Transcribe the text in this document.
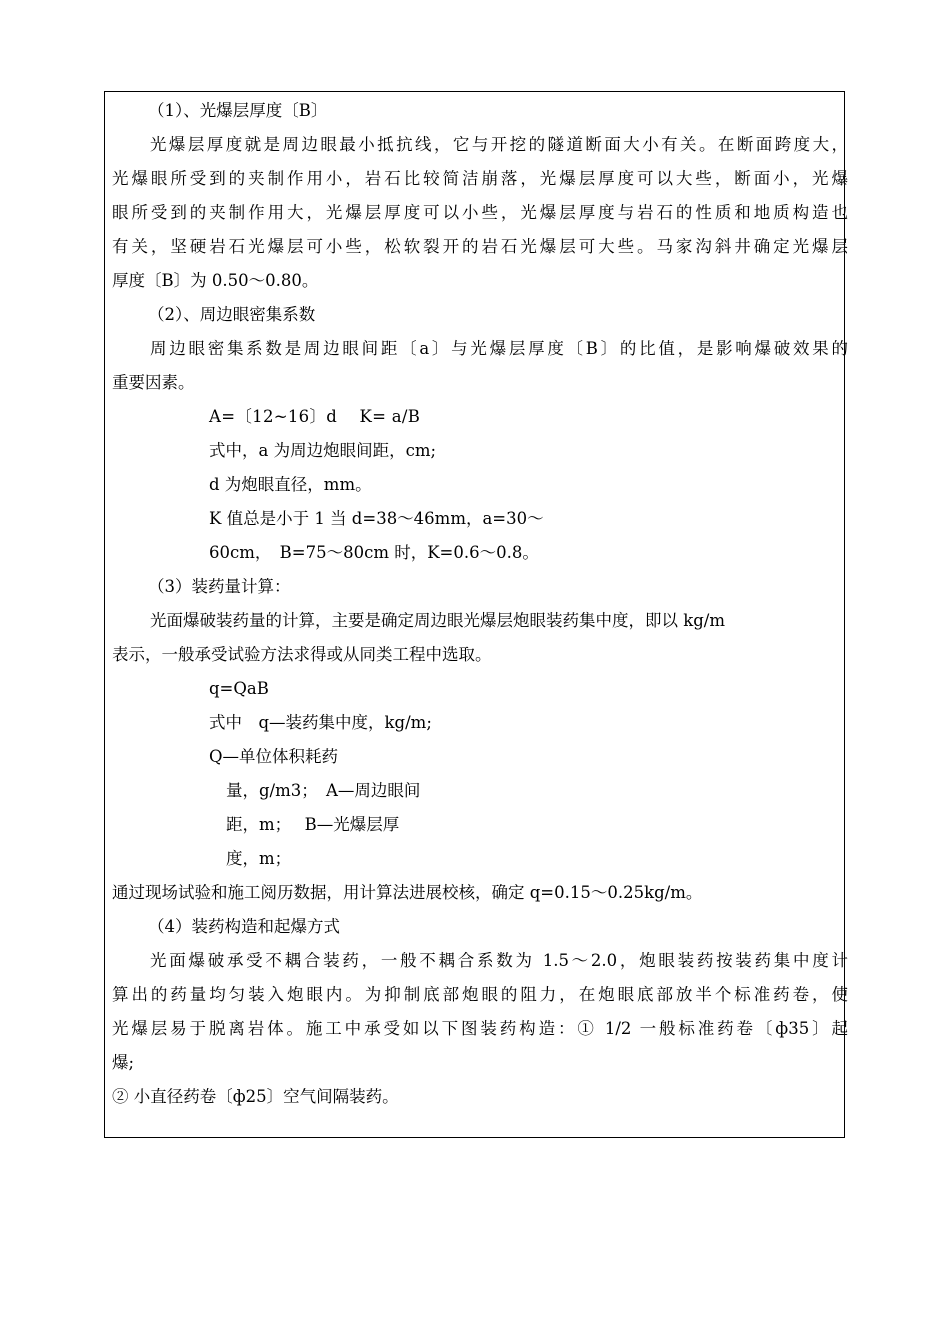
（1）、光爆层厚度〔B〕
光爆层厚度就是周边眼最小抵抗线，它与开挖的隧道断面大小有关。在断面跨度大，
光爆眼所受到的夹制作用小，岩石比较简洁崩落，光爆层厚度可以大些，断面小，光爆
眼所受到的夹制作用大，光爆层厚度可以小些，光爆层厚度与岩石的性质和地质构造也
有关，坚硬岩石光爆层可小些，松软裂开的岩石光爆层可大些。马家沟斜井确定光爆层
厚度〔B〕为 0.50～0.80。
（2）、周边眼密集系数
周边眼密集系数是周边眼间距〔a〕与光爆层厚度〔B〕的比值，是影响爆破效果的
重要因素。
A=〔12~16〕d　 K= a/B
式中，a 为周边炮眼间距，cm;
d 为炮眼直径，mm。
K 值总是小于 1 当 d=38～46mm，a=30～
60cm，　B=75～80cm 时，K=0.6～0.8。
（3）装药量计算：
光面爆破装药量的计算，主要是确定周边眼光爆层炮眼装药集中度，即以 kg/m
表示，一般承受试验方法求得或从同类工程中选取。
q=QaB
式中　q—装药集中度，kg/m;
Q—单位体积耗药
量，g/m3；　A—周边眼间
距，m；　 B—光爆层厚
度，m；
通过现场试验和施工阅历数据，用计算法进展校核，确定 q=0.15～0.25kg/m。
（4）装药构造和起爆方式
光面爆破承受不耦合装药，一般不耦合系数为 1.5～2.0，炮眼装药按装药集中度计
算出的药量均匀装入炮眼内。为抑制底部炮眼的阻力，在炮眼底部放半个标准药卷，使
光爆层易于脱离岩体。施工中承受如以下图装药构造：① 1/2 一般标准药卷〔ф35〕起
爆;
② 小直径药卷〔ф25〕空气间隔装药。
